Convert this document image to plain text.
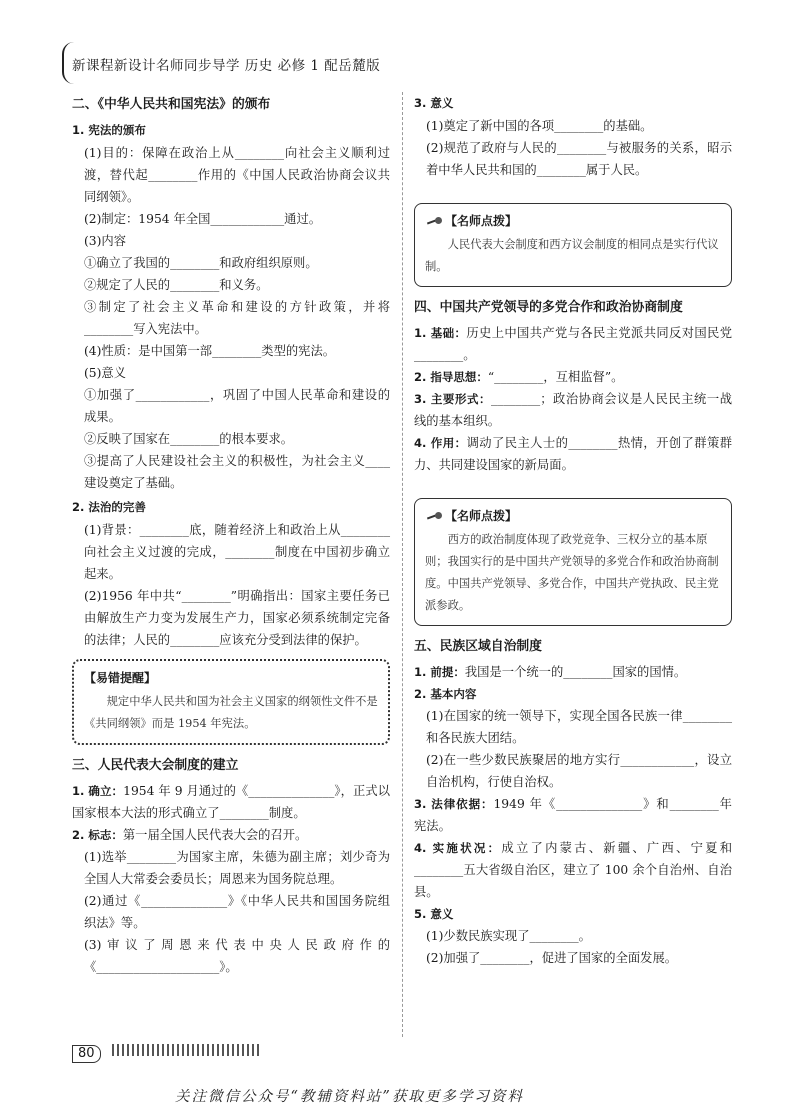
新课程新设计名师同步导学 历史 必修 1 配岳麓版
二、《中华人民共和国宪法》的颁布
1. 宪法的颁布

(1)目的：保障在政治上从________向社会主义顺利过渡，替代起________作用的《中国人民政治协商会议共同纲领》。

(2)制定：1954 年全国____________通过。

(3)内容

①确立了我国的________和政府组织原则。

②规定了人民的________和义务。

③制定了社会主义革命和建设的方针政策，并将________写入宪法中。

(4)性质：是中国第一部________类型的宪法。

(5)意义

①加强了____________，巩固了中国人民革命和建设的成果。

②反映了国家在________的根本要求。

③提高了人民建设社会主义的积极性，为社会主义____建设奠定了基础。

2. 法治的完善

(1)背景：________底，随着经济上和政治上从________向社会主义过渡的完成，________制度在中国初步确立起来。

(2)1956 年中共“________”明确指出：国家主要任务已由解放生产力变为发展生产力，国家必须系统制定完备的法律；人民的________应该充分受到法律的保护。

【易错提醒】
规定中华人民共和国为社会主义国家的纲领性文件不是《共同纲领》而是 1954 年宪法。
三、人民代表大会制度的建立

1. 确立：1954 年 9 月通过的《______________》，正式以国家根本大法的形式确立了________制度。

2. 标志：第一届全国人民代表大会的召开。

(1)选举________为国家主席，朱德为副主席；刘少奇为全国人大常委会委员长；周恩来为国务院总理。

(2)通过《______________》《中华人民共和国国务院组织法》等。

(3)审议了周恩来代表中央人民政府作的《____________________》。

3. 意义

(1)奠定了新中国的各项________的基础。

(2)规范了政府与人民的________与被服务的关系，昭示着中华人民共和国的________属于人民。

【名师点拨】
人民代表大会制度和西方议会制度的相同点是实行代议制。
四、中国共产党领导的多党合作和政治协商制度

1. 基础：历史上中国共产党与各民主党派共同反对国民党________。

2. 指导思想：“________，互相监督”。

3. 主要形式：________；政治协商会议是人民民主统一战线的基本组织。

4. 作用：调动了民主人士的________热情，开创了群策群力、共同建设国家的新局面。

【名师点拨】
西方的政治制度体现了政党竞争、三权分立的基本原则；我国实行的是中国共产党领导的多党合作和政治协商制度。中国共产党领导、多党合作，中国共产党执政、民主党派参政。
五、民族区域自治制度

1. 前提：我国是一个统一的________国家的国情。

2. 基本内容

(1)在国家的统一领导下，实现全国各民族一律________和各民族大团结。

(2)在一些少数民族聚居的地方实行____________，设立自治机构，行使自治权。

3. 法律依据：1949 年《______________》和________年宪法。

4. 实施状况：成立了内蒙古、新疆、广西、宁夏和________五大省级自治区，建立了 100 余个自治州、自治县。

5. 意义

(1)少数民族实现了________。

(2)加强了________，促进了国家的全面发展。

80
关注微信公众号“教辅资料站”获取更多学习资料
